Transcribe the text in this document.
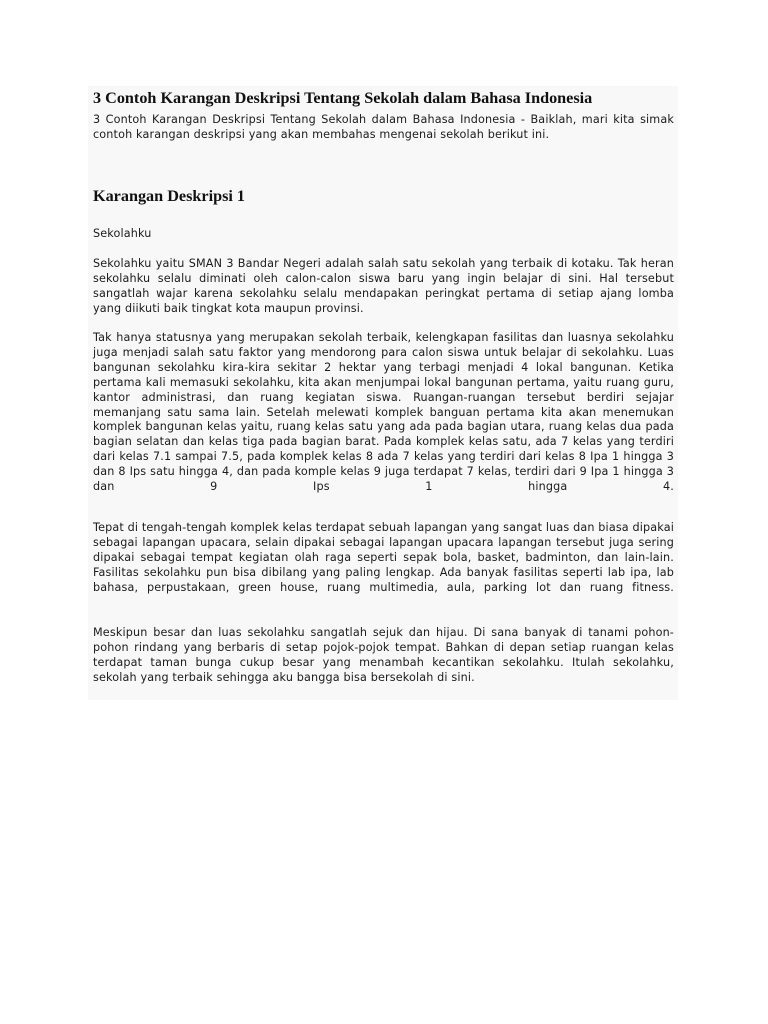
3 Contoh Karangan Deskripsi Tentang Sekolah dalam Bahasa Indonesia

3 Contoh Karangan Deskripsi Tentang Sekolah dalam Bahasa Indonesia - Baiklah, mari kita simak contoh karangan deskripsi yang akan membahas mengenai sekolah berikut ini.

Karangan Deskripsi 1

Sekolahku

Sekolahku yaitu SMAN 3 Bandar Negeri adalah salah satu sekolah yang terbaik di kotaku. Tak heran sekolahku selalu diminati oleh calon-calon siswa baru yang ingin belajar di sini. Hal tersebut sangatlah wajar karena sekolahku selalu mendapakan peringkat pertama di setiap ajang lomba yang diikuti baik tingkat kota maupun provinsi.

Tak hanya statusnya yang merupakan sekolah terbaik, kelengkapan fasilitas dan luasnya sekolahku juga menjadi salah satu faktor yang mendorong para calon siswa untuk belajar di sekolahku. Luas bangunan sekolahku kira-kira sekitar 2 hektar yang terbagi menjadi 4 lokal bangunan. Ketika pertama kali memasuki sekolahku, kita akan menjumpai lokal bangunan pertama, yaitu ruang guru, kantor administrasi, dan ruang kegiatan siswa. Ruangan-ruangan tersebut berdiri sejajar memanjang satu sama lain. Setelah melewati komplek banguan pertama kita akan menemukan komplek bangunan kelas yaitu, ruang kelas satu yang ada pada bagian utara, ruang kelas dua pada bagian selatan dan kelas tiga pada bagian barat. Pada komplek kelas satu, ada 7 kelas yang terdiri dari kelas 7.1 sampai 7.5, pada komplek kelas 8 ada 7 kelas yang terdiri dari kelas 8 Ipa 1 hingga 3 dan 8 Ips satu hingga 4, dan pada komple kelas 9 juga terdapat 7 kelas, terdiri dari 9 Ipa 1 hingga 3 dan 9 Ips 1 hingga 4.

Tepat di tengah-tengah komplek kelas terdapat sebuah lapangan yang sangat luas dan biasa dipakai sebagai lapangan upacara, selain dipakai sebagai lapangan upacara lapangan tersebut juga sering dipakai sebagai tempat kegiatan olah raga seperti sepak bola, basket, badminton, dan lain-lain. Fasilitas sekolahku pun bisa dibilang yang paling lengkap. Ada banyak fasilitas seperti lab ipa, lab bahasa, perpustakaan, green house, ruang multimedia, aula, parking lot dan ruang fitness.

Meskipun besar dan luas sekolahku sangatlah sejuk dan hijau. Di sana banyak di tanami pohon-pohon rindang yang berbaris di setap pojok-pojok tempat. Bahkan di depan setiap ruangan kelas terdapat taman bunga cukup besar yang menambah kecantikan sekolahku. Itulah sekolahku, sekolah yang terbaik sehingga aku bangga bisa bersekolah di sini.
